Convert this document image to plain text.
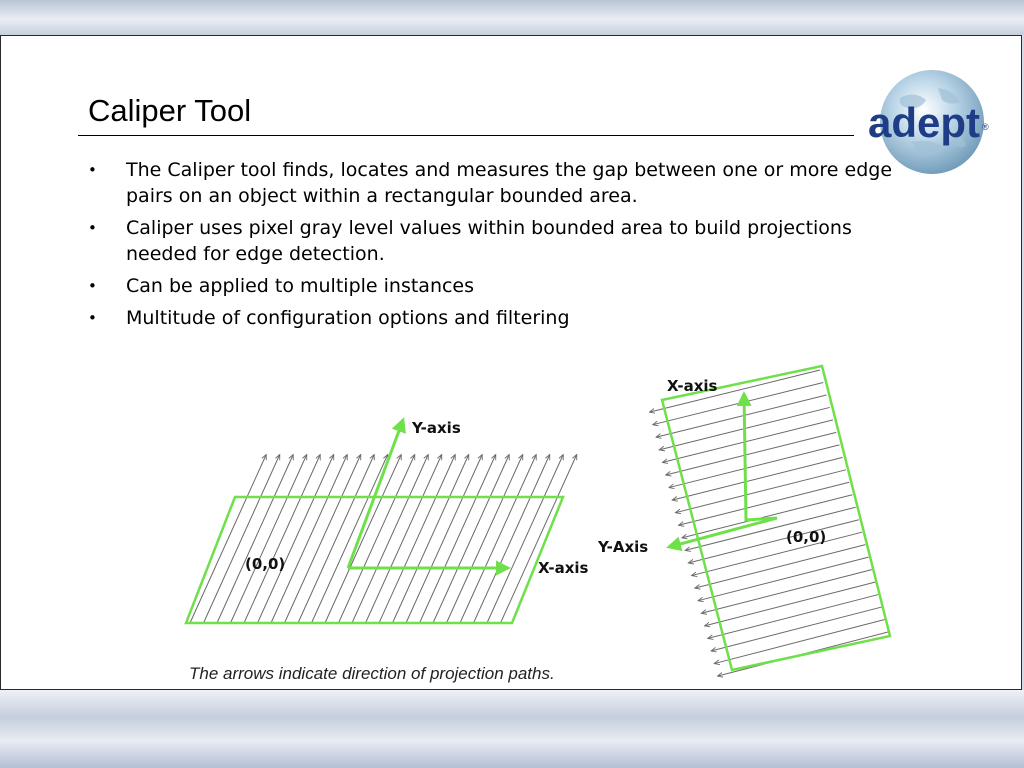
Caliper Tool	adept ®
• The Caliper tool finds, locates and measures the gap between one or more edge pairs on an object within a rectangular bounded area.
• Caliper uses pixel gray level values within bounded area to build projections needed for edge detection.
• Can be applied to multiple instances
• Multitude of configuration options and filtering
Y-axis
X-axis
(0,0)
X-axis
Y-Axis
(0,0)

The arrows indicate direction of projection paths.
